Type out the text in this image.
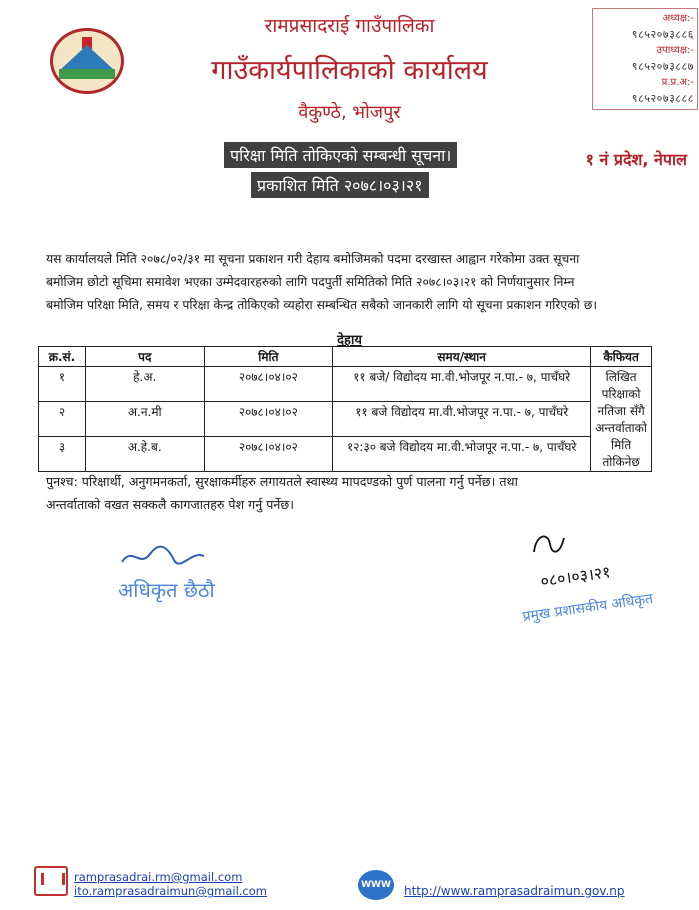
रामप्रसादराई गाउँपालिका
गाउँकार्यपालिकाको कार्यालय
वैकुण्ठे, भोजपुर
अध्यक्ष:-
९८५२०७३८८६
उपाध्यक्ष:-
९८५२०७३८८७
प्र.प्र.अ:-
९८५२०७३८८८
१ नं प्रदेश, नेपाल
परिक्षा मिति तोकिएको सम्बन्धी सूचना।
प्रकाशित मिति २०७८।०३।२१

यस कार्यालयले मिति २०७८/०२/३१ मा सूचना प्रकाशन गरी देहाय बमोजिमको पदमा दरखास्त आह्वान गरेकोमा उक्त सूचना

बमोजिम छोटो सूचिमा समावेश भएका उम्मेदवारहरुको लागि पदपुर्ती समितिको मिति २०७८।०३।२१ को निर्णयानुसार निम्न

बमोजिम परिक्षा मिति, समय र परिक्षा केन्द्र तोकिएको व्यहोरा सम्बन्धित सबैको जानकारी लागि यो सूचना प्रकाशन गरिएको छ।

देहाय
क्र.सं.	पद	मिति	समय/स्थान	कैफियत
१	हे.अ.	२०७८।०४।०२	११ बजे/ विद्योदय मा.वी.भोजपूर न.पा.- ७, पाचँघरे	लिखित परिक्षाको नतिजा सँगै अन्तर्वाताको मिति तोकिनेछ
२	अ.न.मी	२०७८।०४।०२	११ बजे विद्योदय मा.वी.भोजपूर न.पा.- ७, पाचँघरे	
३	अ.हे.ब.	२०७८।०४।०२	१२:३० बजे विद्योदय मा.वी.भोजपूर न.पा.- ७, पाचँघरे	
पुनश्च: परिक्षार्थी, अनुगमनकर्ता, सुरक्षाकर्मीहरु लगायतले स्वास्थ्य मापदण्डको पुर्ण पालना गर्नु पर्नेछ। तथा
अन्तर्वाताको वखत सक्कलै कागजातहरु पेश गर्नु पर्नेछ।
अधिकृत छैठौ	०८०।०३।२१
प्रमुख प्रशासकीय अधिकृत
ramprasadrai.rm@gmail.com
ito.ramprasadraimun@gmail.com	WWW http://www.ramprasadraimun.gov.np
